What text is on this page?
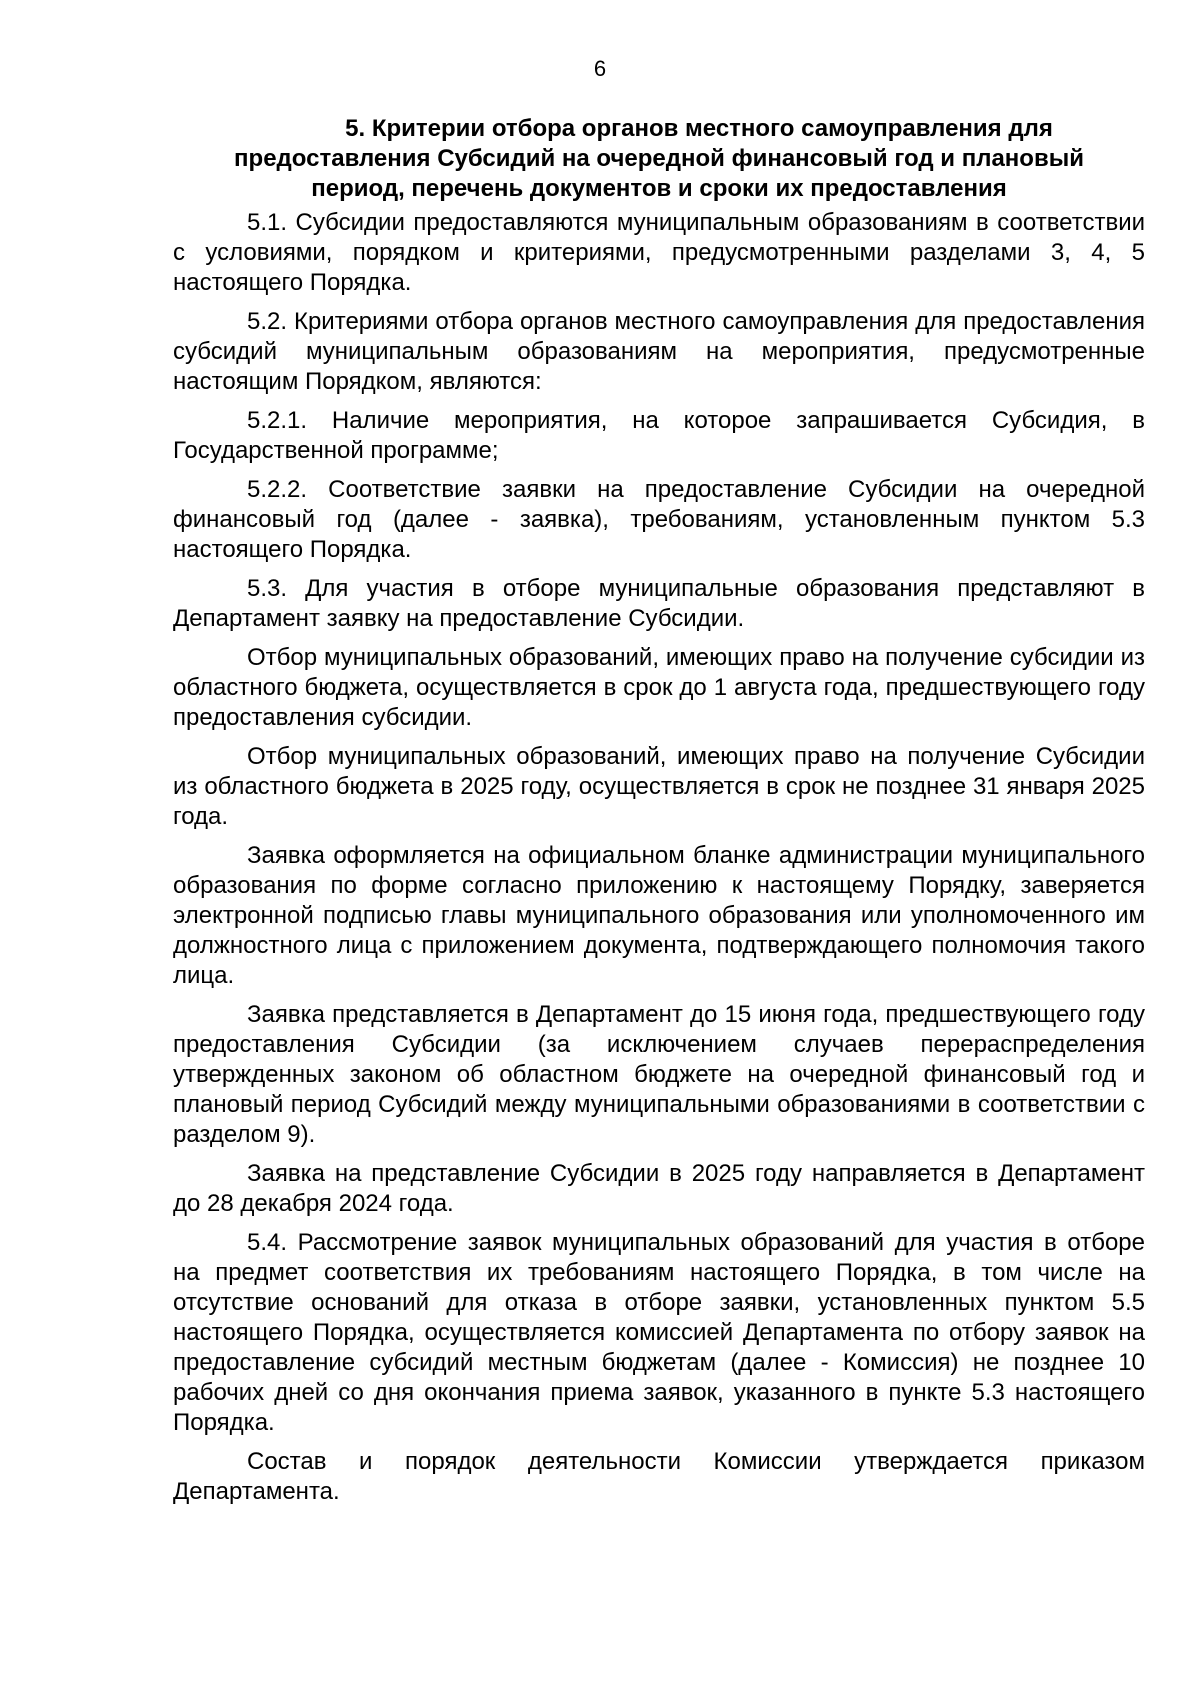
6
5. Критерии отбора органов местного самоуправления для
предоставления Субсидий на очередной финансовый год и плановый
период, перечень документов и сроки их предоставления

5.1. Субсидии предоставляются муниципальным образованиям в соответствии с условиями, порядком и критериями, предусмотренными разделами 3, 4, 5 настоящего Порядка.

5.2. Критериями отбора органов местного самоуправления для предоставления субсидий муниципальным образованиям на мероприятия, предусмотренные настоящим Порядком, являются:

5.2.1. Наличие мероприятия, на которое запрашивается Субсидия, в Государственной программе;

5.2.2. Соответствие заявки на предоставление Субсидии на очередной финансовый год (далее - заявка), требованиям, установленным пунктом 5.3 настоящего Порядка.

5.3. Для участия в отборе муниципальные образования представляют в Департамент заявку на предоставление Субсидии.

Отбор муниципальных образований, имеющих право на получение субсидии из областного бюджета, осуществляется в срок до 1 августа года, предшествующего году предоставления субсидии.

Отбор муниципальных образований, имеющих право на получение Субсидии из областного бюджета в 2025 году, осуществляется в срок не позднее 31 января 2025 года.

Заявка оформляется на официальном бланке администрации муниципального образования по форме согласно приложению к настоящему Порядку, заверяется электронной подписью главы муниципального образования или уполномоченного им должностного лица с приложением документа, подтверждающего полномочия такого лица.

Заявка представляется в Департамент до 15 июня года, предшествующего году предоставления Субсидии (за исключением случаев перераспределения утвержденных законом об областном бюджете на очередной финансовый год и плановый период Субсидий между муниципальными образованиями в соответствии с разделом 9).

Заявка на представление Субсидии в 2025 году направляется в Департамент до 28 декабря 2024 года.

5.4. Рассмотрение заявок муниципальных образований для участия в отборе на предмет соответствия их требованиям настоящего Порядка, в том числе на отсутствие оснований для отказа в отборе заявки, установленных пунктом 5.5 настоящего Порядка, осуществляется комиссией Департамента по отбору заявок на предоставление субсидий местным бюджетам (далее - Комиссия) не позднее 10 рабочих дней со дня окончания приема заявок, указанного в пункте 5.3 настоящего Порядка.

Состав и порядок деятельности Комиссии утверждается приказом Департамента.
